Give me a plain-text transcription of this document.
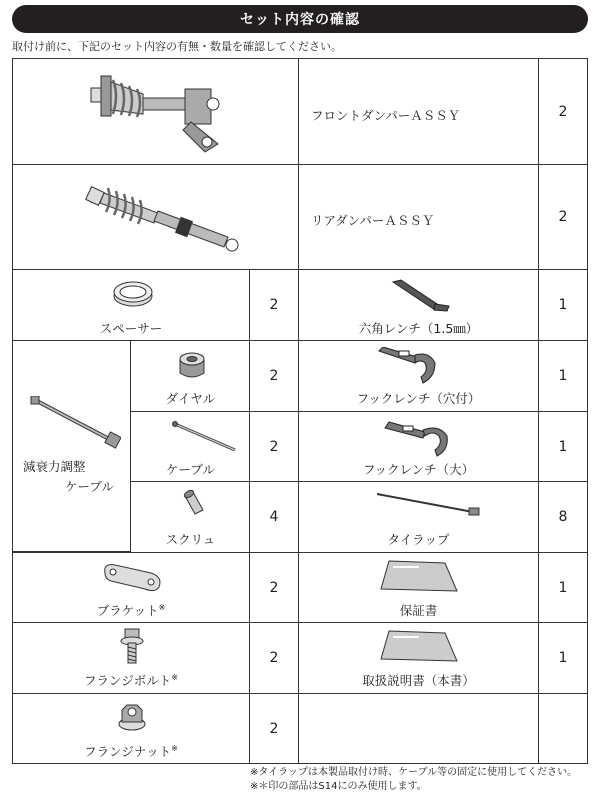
セット内容の確認
取付け前に、下記のセット内容の有無・数量を確認してください。
フロントダンパーＡＳＳＹ	2
リアダンパーＡＳＳＹ	2
スペーサー
2
六角レンチ（1.5㎜）
1
減衰力調整
ケーブル
ダイヤル
2
フックレンチ（穴付）
1
ケーブル
2
フックレンチ（大）
1
スクリュ
4
タイラップ
8
ブラケット※
2
保証書
1
フランジボルト※
2
取扱説明書（本書）
1
フランジナット※
2
※タイラップは本製品取付け時、ケーブル等の固定に使用してください。
※＊印の部品はS14にのみ使用します。
